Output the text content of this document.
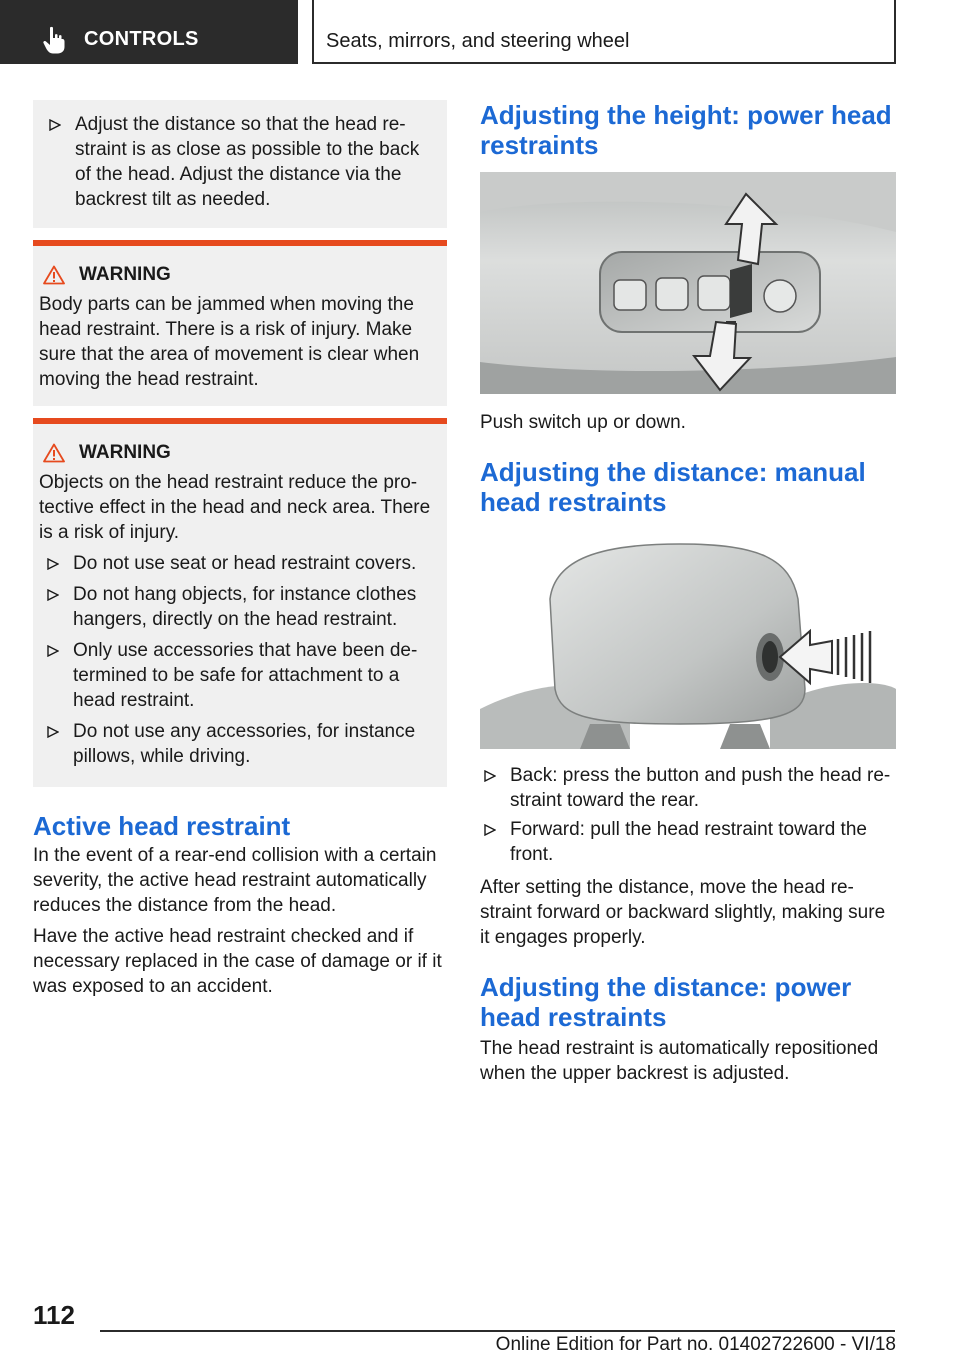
CONTROLS	Seats, mirrors, and steering wheel
Adjust the distance so that the head re-straint is as close as possible to the back of the head. Adjust the distance via the backrest tilt as needed.
WARNING

Body parts can be jammed when moving the head restraint. There is a risk of injury. Make sure that the area of movement is clear when moving the head restraint.

WARNING

Objects on the head restraint reduce the pro-tective effect in the head and neck area. There is a risk of injury.

Do not use seat or head restraint covers.
Do not hang objects, for instance clothes hangers, directly on the head restraint.
Only use accessories that have been de-termined to be safe for attachment to a head restraint.
Do not use any accessories, for instance pillows, while driving.
Active head restraint

In the event of a rear-end collision with a certain severity, the active head restraint automatically reduces the distance from the head.

Have the active head restraint checked and if necessary replaced in the case of damage or if it was exposed to an accident.

Adjusting the height: power head restraints

Push switch up or down.

Adjusting the distance: manual head restraints
Back: press the button and push the head re-straint toward the rear.
Forward: pull the head restraint toward the front.

After setting the distance, move the head re-straint forward or backward slightly, making sure it engages properly.

Adjusting the distance: power head restraints

The head restraint is automatically repositioned when the upper backrest is adjusted.

112
Online Edition for Part no. 01402722600 - VI/18
